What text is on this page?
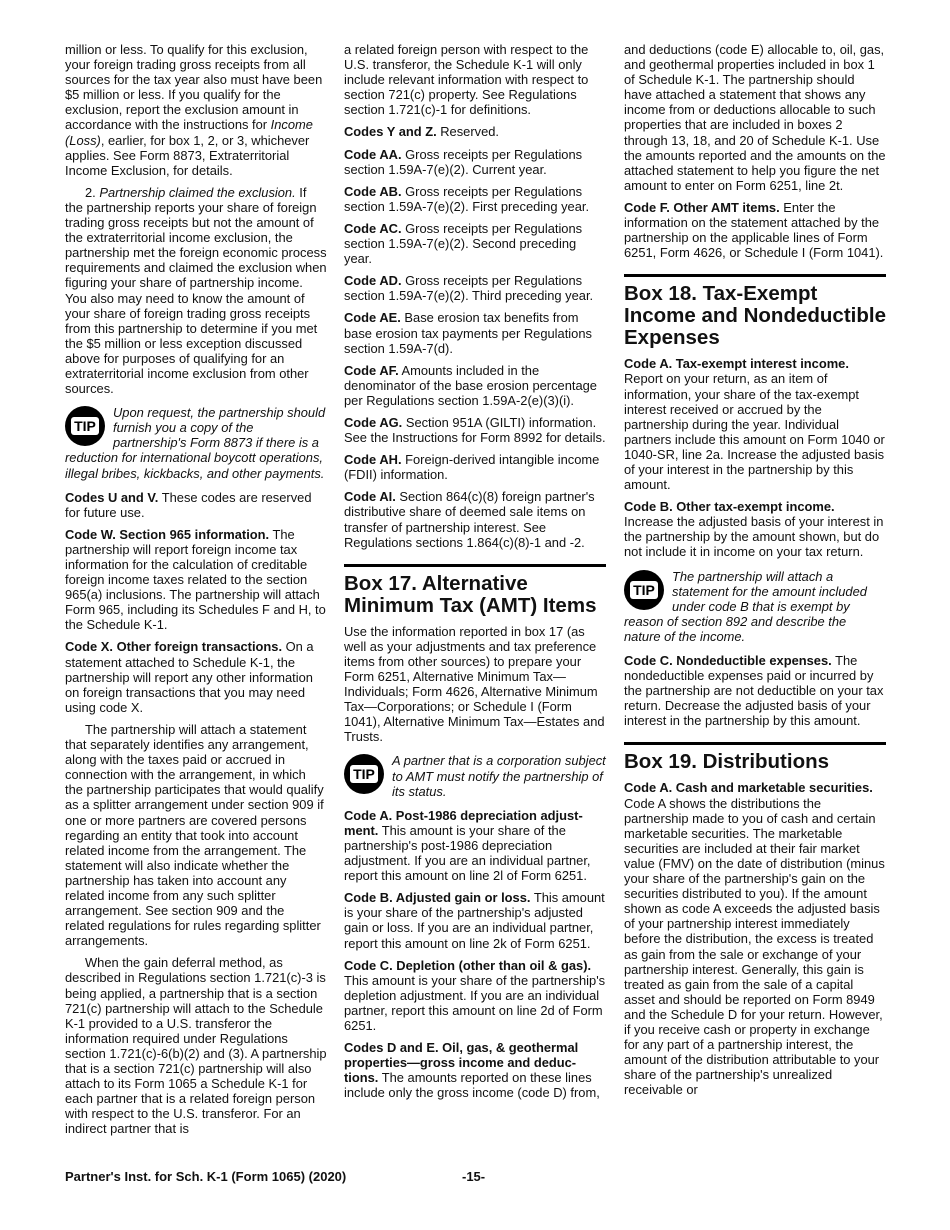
million or less. To qualify for this exclusion, your foreign trading gross receipts from all sources for the tax year also must have been $5 million or less. If you qualify for the exclusion, report the exclusion amount in accordance with the instructions for Income (Loss), earlier, for box 1, 2, or 3, whichever applies. See Form 8873, Extraterritorial Income Exclusion, for details.

2. Partnership claimed the exclusion. If the partnership reports your share of foreign trading gross receipts but not the amount of the extraterritorial income exclusion, the partnership met the foreign economic process requirements and claimed the exclusion when figuring your share of partnership income. You also may need to know the amount of your share of foreign trading gross receipts from this partnership to determine if you met the $5 million or less exception discussed above for purposes of qualifying for an extraterritorial income exclusion from other sources.

TIP
Upon request, the partnership should furnish you a copy of the partnership's Form 8873 if there is a reduction for international boycott operations, illegal bribes, kickbacks, and other payments.

Codes U and V. These codes are reserved for future use.

Code W. Section 965 information. The partnership will report foreign income tax information for the calculation of creditable foreign income taxes related to the section 965(a) inclusions. The partnership will attach Form 965, including its Schedules F and H, to the Schedule K-1.

Code X. Other foreign transactions. On a statement attached to Schedule K-1, the partnership will report any other information on foreign transactions that you may need using code X.

The partnership will attach a statement that separately identifies any arrangement, along with the taxes paid or accrued in connection with the arrangement, in which the partnership participates that would qualify as a splitter arrangement under section 909 if one or more partners are covered persons regarding an entity that took into account related income from the arrangement. The statement will also indicate whether the partnership has taken into account any related income from any such splitter arrangement. See section 909 and the related regulations for rules regarding splitter arrangements.

When the gain deferral method, as described in Regulations section 1.721(c)-3 is being applied, a partnership that is a section 721(c) partnership will attach to the Schedule K-1 provided to a U.S. transferor the information required under Regulations section 1.721(c)-6(b)(2) and (3). A partnership that is a section 721(c) partnership will also attach to its Form 1065 a Schedule K-1 for each partner that is a related foreign person with respect to the U.S. transferor. For an indirect partner that is

a related foreign person with respect to the U.S. transferor, the Schedule K-1 will only include relevant information with respect to section 721(c) property. See Regulations section 1.721(c)-1 for definitions.

Codes Y and Z. Reserved.

Code AA. Gross receipts per Regulations section 1.59A-7(e)(2). Current year.

Code AB. Gross receipts per Regulations section 1.59A-7(e)(2). First preceding year.

Code AC. Gross receipts per Regulations section 1.59A-7(e)(2). Second preceding year.

Code AD. Gross receipts per Regulations section 1.59A-7(e)(2). Third preceding year.

Code AE. Base erosion tax benefits from base erosion tax payments per Regulations section 1.59A-7(d).

Code AF. Amounts included in the denominator of the base erosion percentage per Regulations section 1.59A-2(e)(3)(i).

Code AG. Section 951A (GILTI) information. See the Instructions for Form 8992 for details.

Code AH. Foreign-derived intangible income (FDII) information.

Code AI. Section 864(c)(8) foreign partner's distributive share of deemed sale items on transfer of partnership interest. See Regulations sections 1.864(c)(8)-1 and -2.

Box 17. Alternative Minimum Tax (AMT) Items

Use the information reported in box 17 (as well as your adjustments and tax preference items from other sources) to prepare your Form 6251, Alternative Minimum Tax—Individuals; Form 4626, Alternative Minimum Tax—Corporations; or Schedule I (Form 1041), Alternative Minimum Tax—Estates and Trusts.

TIP
A partner that is a corporation subject to AMT must notify the partnership of its status.

Code A. Post-1986 depreciation adjust-ment. This amount is your share of the partnership's post-1986 depreciation adjustment. If you are an individual partner, report this amount on line 2l of Form 6251.

Code B. Adjusted gain or loss. This amount is your share of the partnership's adjusted gain or loss. If you are an individual partner, report this amount on line 2k of Form 6251.

Code C. Depletion (other than oil & gas). This amount is your share of the partnership's depletion adjustment. If you are an individual partner, report this amount on line 2d of Form 6251.

Codes D and E. Oil, gas, & geothermal properties—gross income and deduc-tions. The amounts reported on these lines include only the gross income (code D) from,

and deductions (code E) allocable to, oil, gas, and geothermal properties included in box 1 of Schedule K-1. The partnership should have attached a statement that shows any income from or deductions allocable to such properties that are included in boxes 2 through 13, 18, and 20 of Schedule K-1. Use the amounts reported and the amounts on the attached statement to help you figure the net amount to enter on Form 6251, line 2t.

Code F. Other AMT items. Enter the information on the statement attached by the partnership on the applicable lines of Form 6251, Form 4626, or Schedule I (Form 1041).

Box 18. Tax-Exempt Income and Nondeductible Expenses

Code A. Tax-exempt interest income. Report on your return, as an item of information, your share of the tax-exempt interest received or accrued by the partnership during the year. Individual partners include this amount on Form 1040 or 1040-SR, line 2a. Increase the adjusted basis of your interest in the partnership by this amount.

Code B. Other tax-exempt income. Increase the adjusted basis of your interest in the partnership by the amount shown, but do not include it in income on your tax return.

TIP
The partnership will attach a statement for the amount included under code B that is exempt by reason of section 892 and describe the nature of the income.

Code C. Nondeductible expenses. The nondeductible expenses paid or incurred by the partnership are not deductible on your tax return. Decrease the adjusted basis of your interest in the partnership by this amount.

Box 19. Distributions

Code A. Cash and marketable securities. Code A shows the distributions the partnership made to you of cash and certain marketable securities. The marketable securities are included at their fair market value (FMV) on the date of distribution (minus your share of the partnership's gain on the securities distributed to you). If the amount shown as code A exceeds the adjusted basis of your partnership interest immediately before the distribution, the excess is treated as gain from the sale or exchange of your partnership interest. Generally, this gain is treated as gain from the sale of a capital asset and should be reported on Form 8949 and the Schedule D for your return. However, if you receive cash or property in exchange for any part of a partnership interest, the amount of the distribution attributable to your share of the partnership's unrealized receivable or

Partner's Inst. for Sch. K-1 (Form 1065) (2020)	-15-
